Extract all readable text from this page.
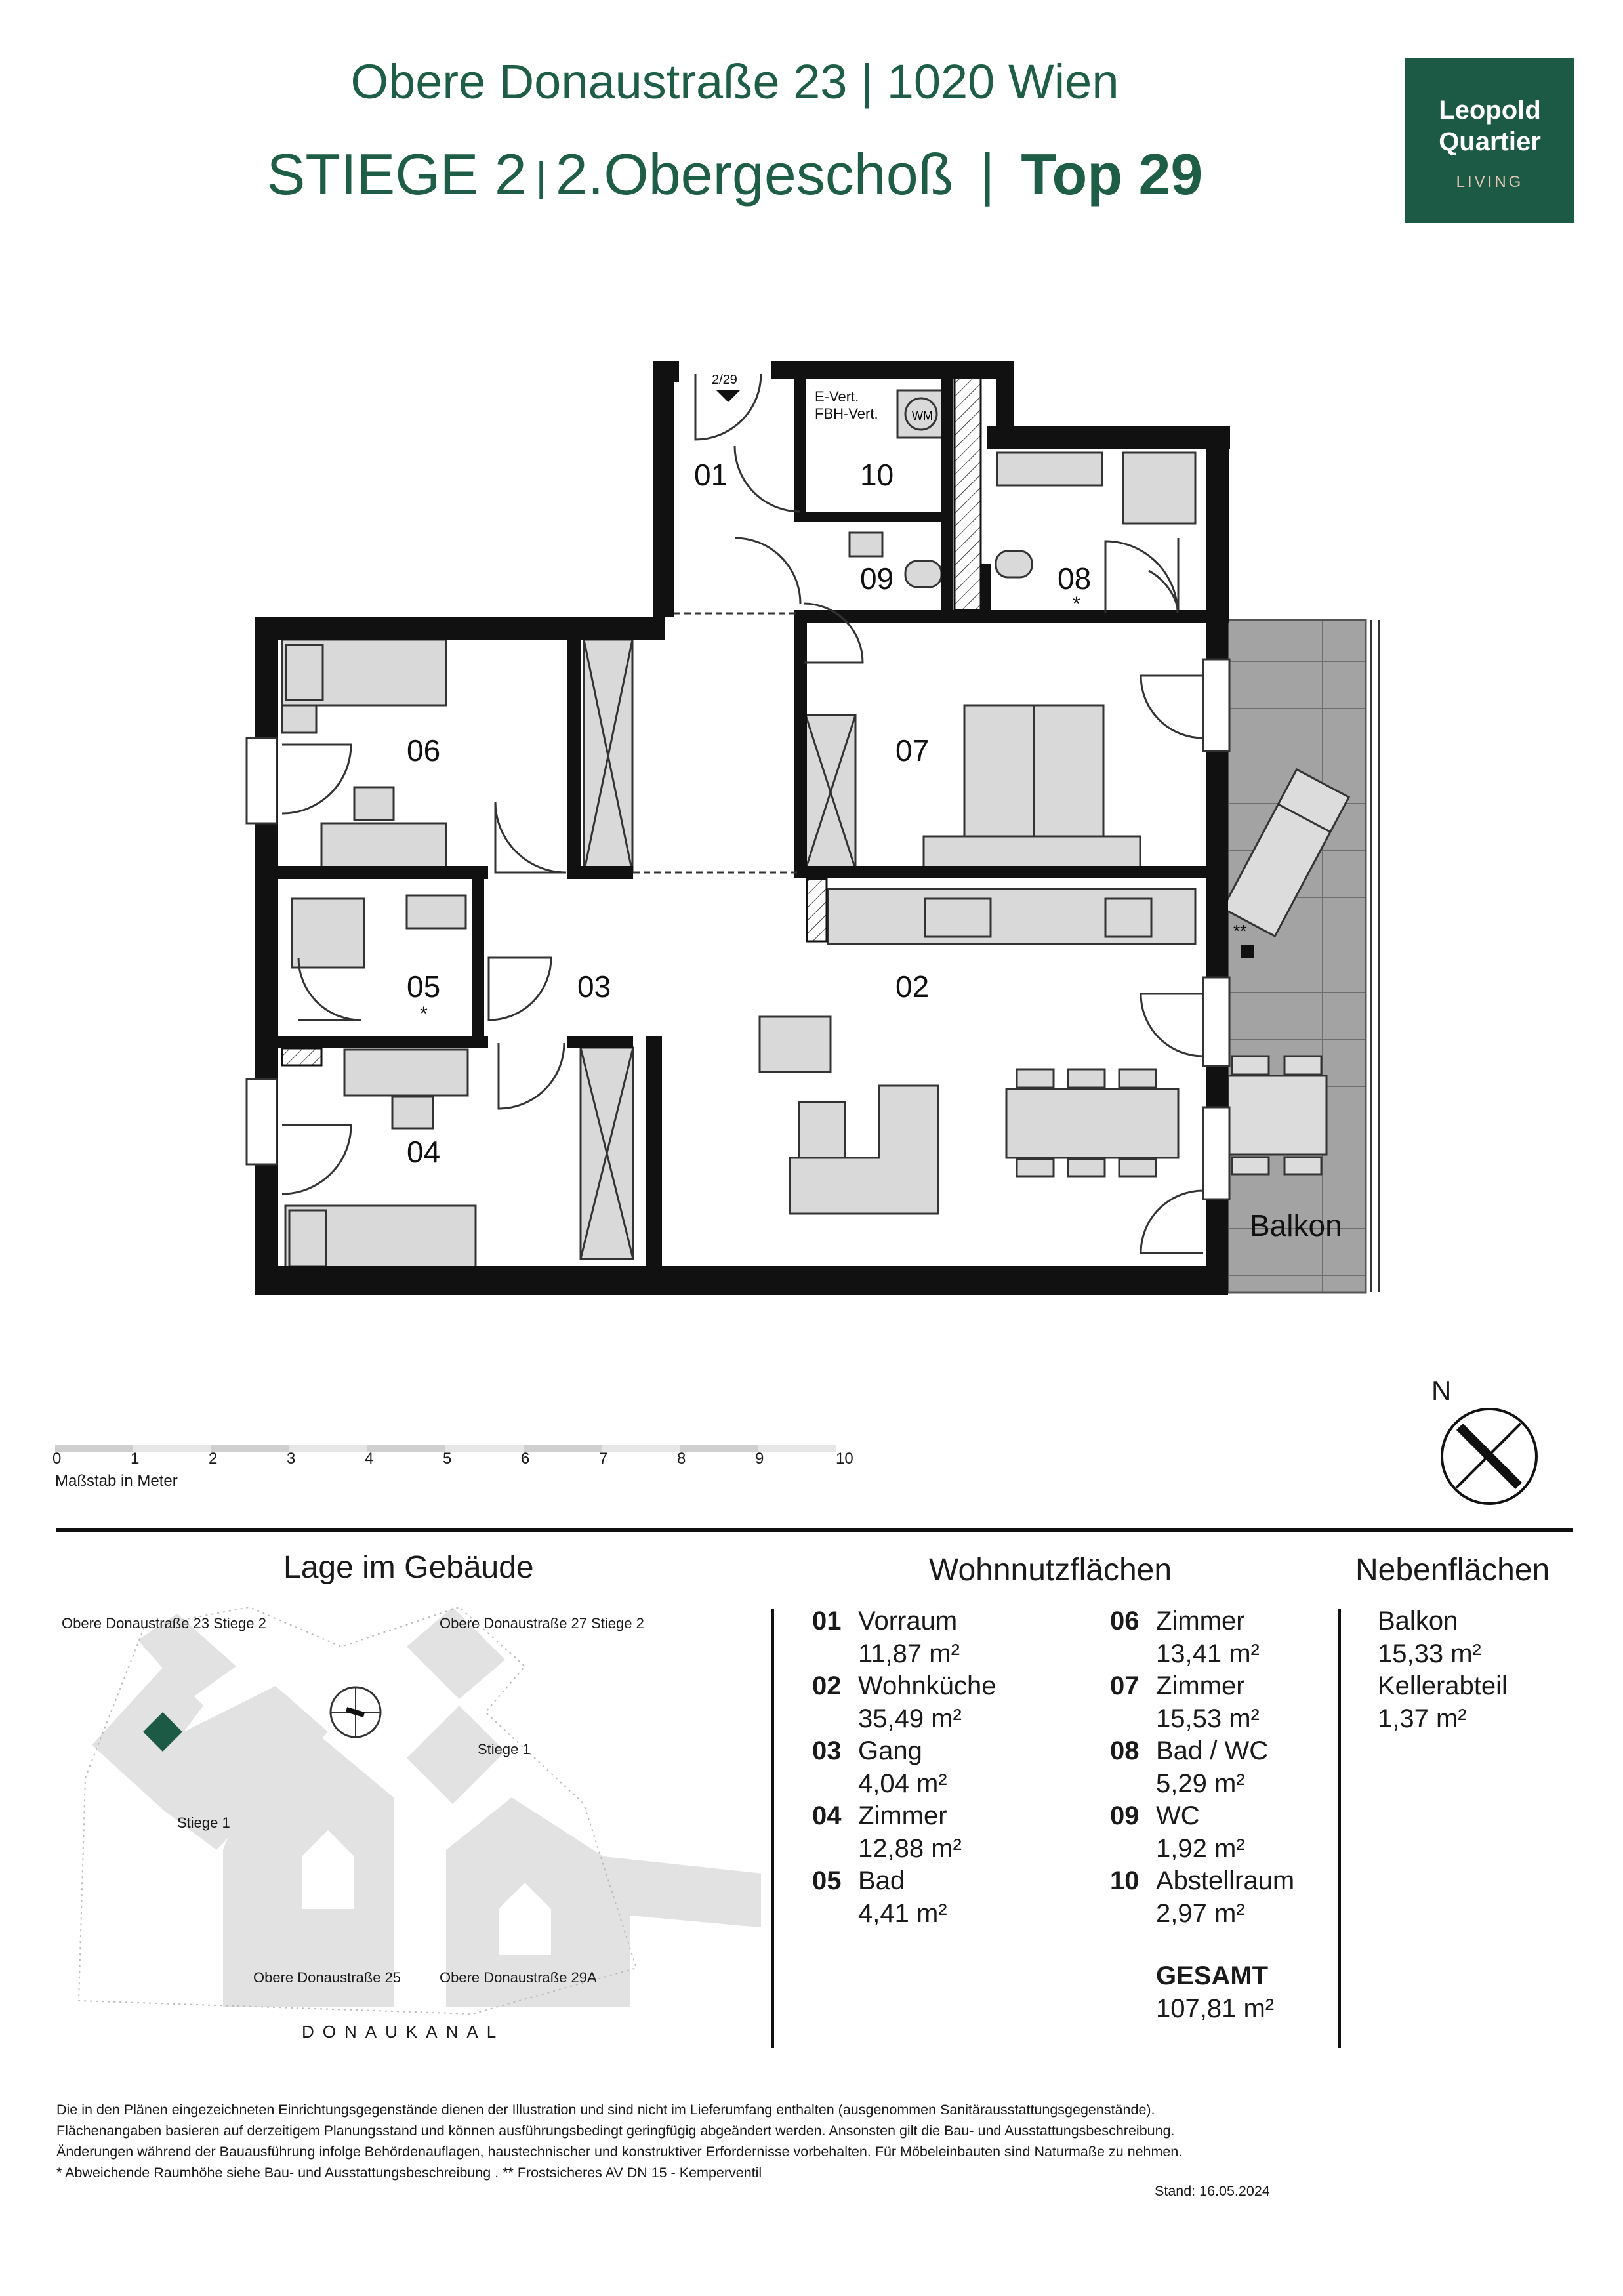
Obere Donaustraße 23 | 1020 Wien
STIEGE 2 | 2.Obergeschoß | Top 29
Leopold
Quartier
LIVING
**
WM
01	10
09	08
06	07
05	03	02
04
Balkon
*
*
2/29
E-Vert.
FBH-Vert.
0	1	2	3	4	5	6	7	8	9	10
Maßstab in Meter
N
Lage im Gebäude
Obere Donaustraße 23 Stiege 2	Obere Donaustraße 27 Stiege 2
Stiege 1
Stiege 1
Obere Donaustraße 25	Obere Donaustraße 29A
DONAUKANAL
Wohnnutzflächen	Nebenflächen
01 Vorraum
11,87 m²
02 Wohnküche
35,49 m²
03 Gang
4,04 m²
04 Zimmer
12,88 m²
05 Bad
4,41 m²
06 Zimmer
13,41 m²
07 Zimmer
15,53 m²
08 Bad / WC
5,29 m²
09 WC
1,92 m²
10 Abstellraum
2,97 m²
GESAMT
107,81 m²
Balkon
15,33 m²
Kellerabteil
1,37 m²
Die in den Plänen eingezeichneten Einrichtungsgegenstände dienen der Illustration und sind nicht im Lieferumfang enthalten (ausgenommen Sanitärausstattungsgegenstände).
Flächenangaben basieren auf derzeitigem Planungsstand und können ausführungsbedingt geringfügig abgeändert werden. Ansonsten gilt die Bau- und Ausstattungsbeschreibung.
Änderungen während der Bauausführung infolge Behördenauflagen, haustechnischer und konstruktiver Erfordernisse vorbehalten. Für Möbeleinbauten sind Naturmaße zu nehmen.
* Abweichende Raumhöhe siehe Bau- und Ausstattungsbeschreibung . ** Frostsicheres AV DN 15 - Kemperventil
Stand: 16.05.2024
